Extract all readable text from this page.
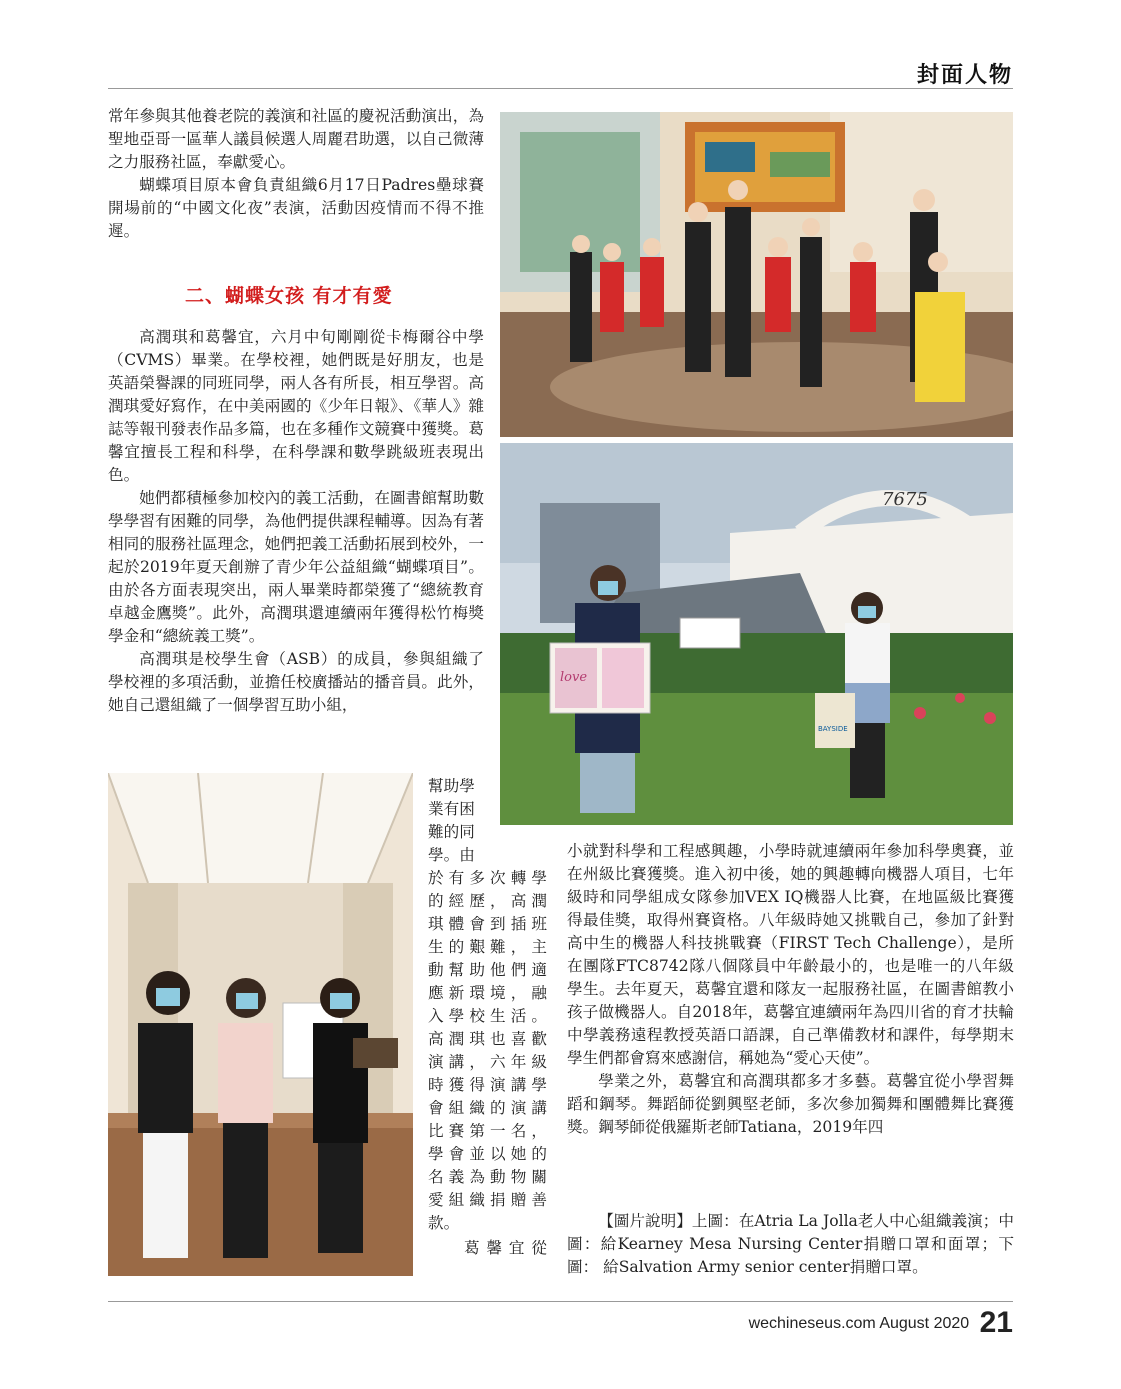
封面人物

常年參與其他養老院的義演和社區的慶祝活動演出，為聖地亞哥一區華人議員候選人周麗君助選，以自己微薄之力服務社區，奉獻愛心。

蝴蝶項目原本會負責組織6月17日Padres壘球賽開場前的“中國文化夜”表演，活動因疫情而不得不推遲。

二、蝴蝶女孩 有才有愛

高潤琪和葛馨宜，六月中旬剛剛從卡梅爾谷中學（CVMS）畢業。在學校裡，她們既是好朋友，也是英語榮譽課的同班同學，兩人各有所長，相互學習。高潤琪愛好寫作，在中美兩國的《少年日報》、《華人》雜誌等報刊發表作品多篇，也在多種作文競賽中獲獎。葛馨宜擅長工程和科學，在科學課和數學跳級班表現出色。

她們都積極參加校內的義工活動，在圖書館幫助數學學習有困難的同學，為他們提供課程輔導。因為有著相同的服務社區理念，她們把義工活動拓展到校外，一起於2019年夏天創辦了青少年公益組織“蝴蝶項目”。由於各方面表現突出，兩人畢業時都榮獲了“總統教育卓越金鷹獎”。此外，高潤琪還連續兩年獲得松竹梅獎學金和“總統義工獎”。

高潤琪是校學生會（ASB）的成員，參與組織了學校裡的多項活動，並擔任校廣播站的播音員。此外，她自己還組織了一個學習互助小組，

7675
love
BAYSIDE
幫助學
業有困
難的同
學。由
於有多次轉學
的經歷，高潤
琪體會到插班
生的艱難，主
動幫助他們適
應新環境，融
入學校生活。
高潤琪也喜歡
演講，六年級
時獲得演講學
會組織的演講
比賽第一名，
學會並以她的
名義為動物關
愛組織捐贈善
款。
葛馨宜從

小就對科學和工程感興趣，小學時就連續兩年參加科學奧賽，並在州級比賽獲獎。進入初中後，她的興趣轉向機器人項目，七年級時和同學組成女隊參加VEX IQ機器人比賽，在地區級比賽獲得最佳獎，取得州賽資格。八年級時她又挑戰自己，參加了針對高中生的機器人科技挑戰賽（FIRST Tech Challenge），是所在團隊FTC8742隊八個隊員中年齡最小的，也是唯一的八年級學生。去年夏天，葛馨宜還和隊友一起服務社區，在圖書館教小孩子做機器人。自2018年，葛馨宜連續兩年為四川省的育才扶輪中學義務遠程教授英語口語課，自己準備教材和課件，每學期末學生們都會寫來感謝信，稱她為“愛心天使”。

學業之外，葛馨宜和高潤琪都多才多藝。葛馨宜從小學習舞蹈和鋼琴。舞蹈師從劉興堅老師，多次參加獨舞和團體舞比賽獲獎。鋼琴師從俄羅斯老師Tatiana，2019年四

【圖片說明】上圖：在Atria La Jolla老人中心組織義演；中圖：給Kearney Mesa Nursing Center捐贈口罩和面罩；下圖： 給Salvation Army senior center捐贈口罩。

wechineseus.com August 2020 21
